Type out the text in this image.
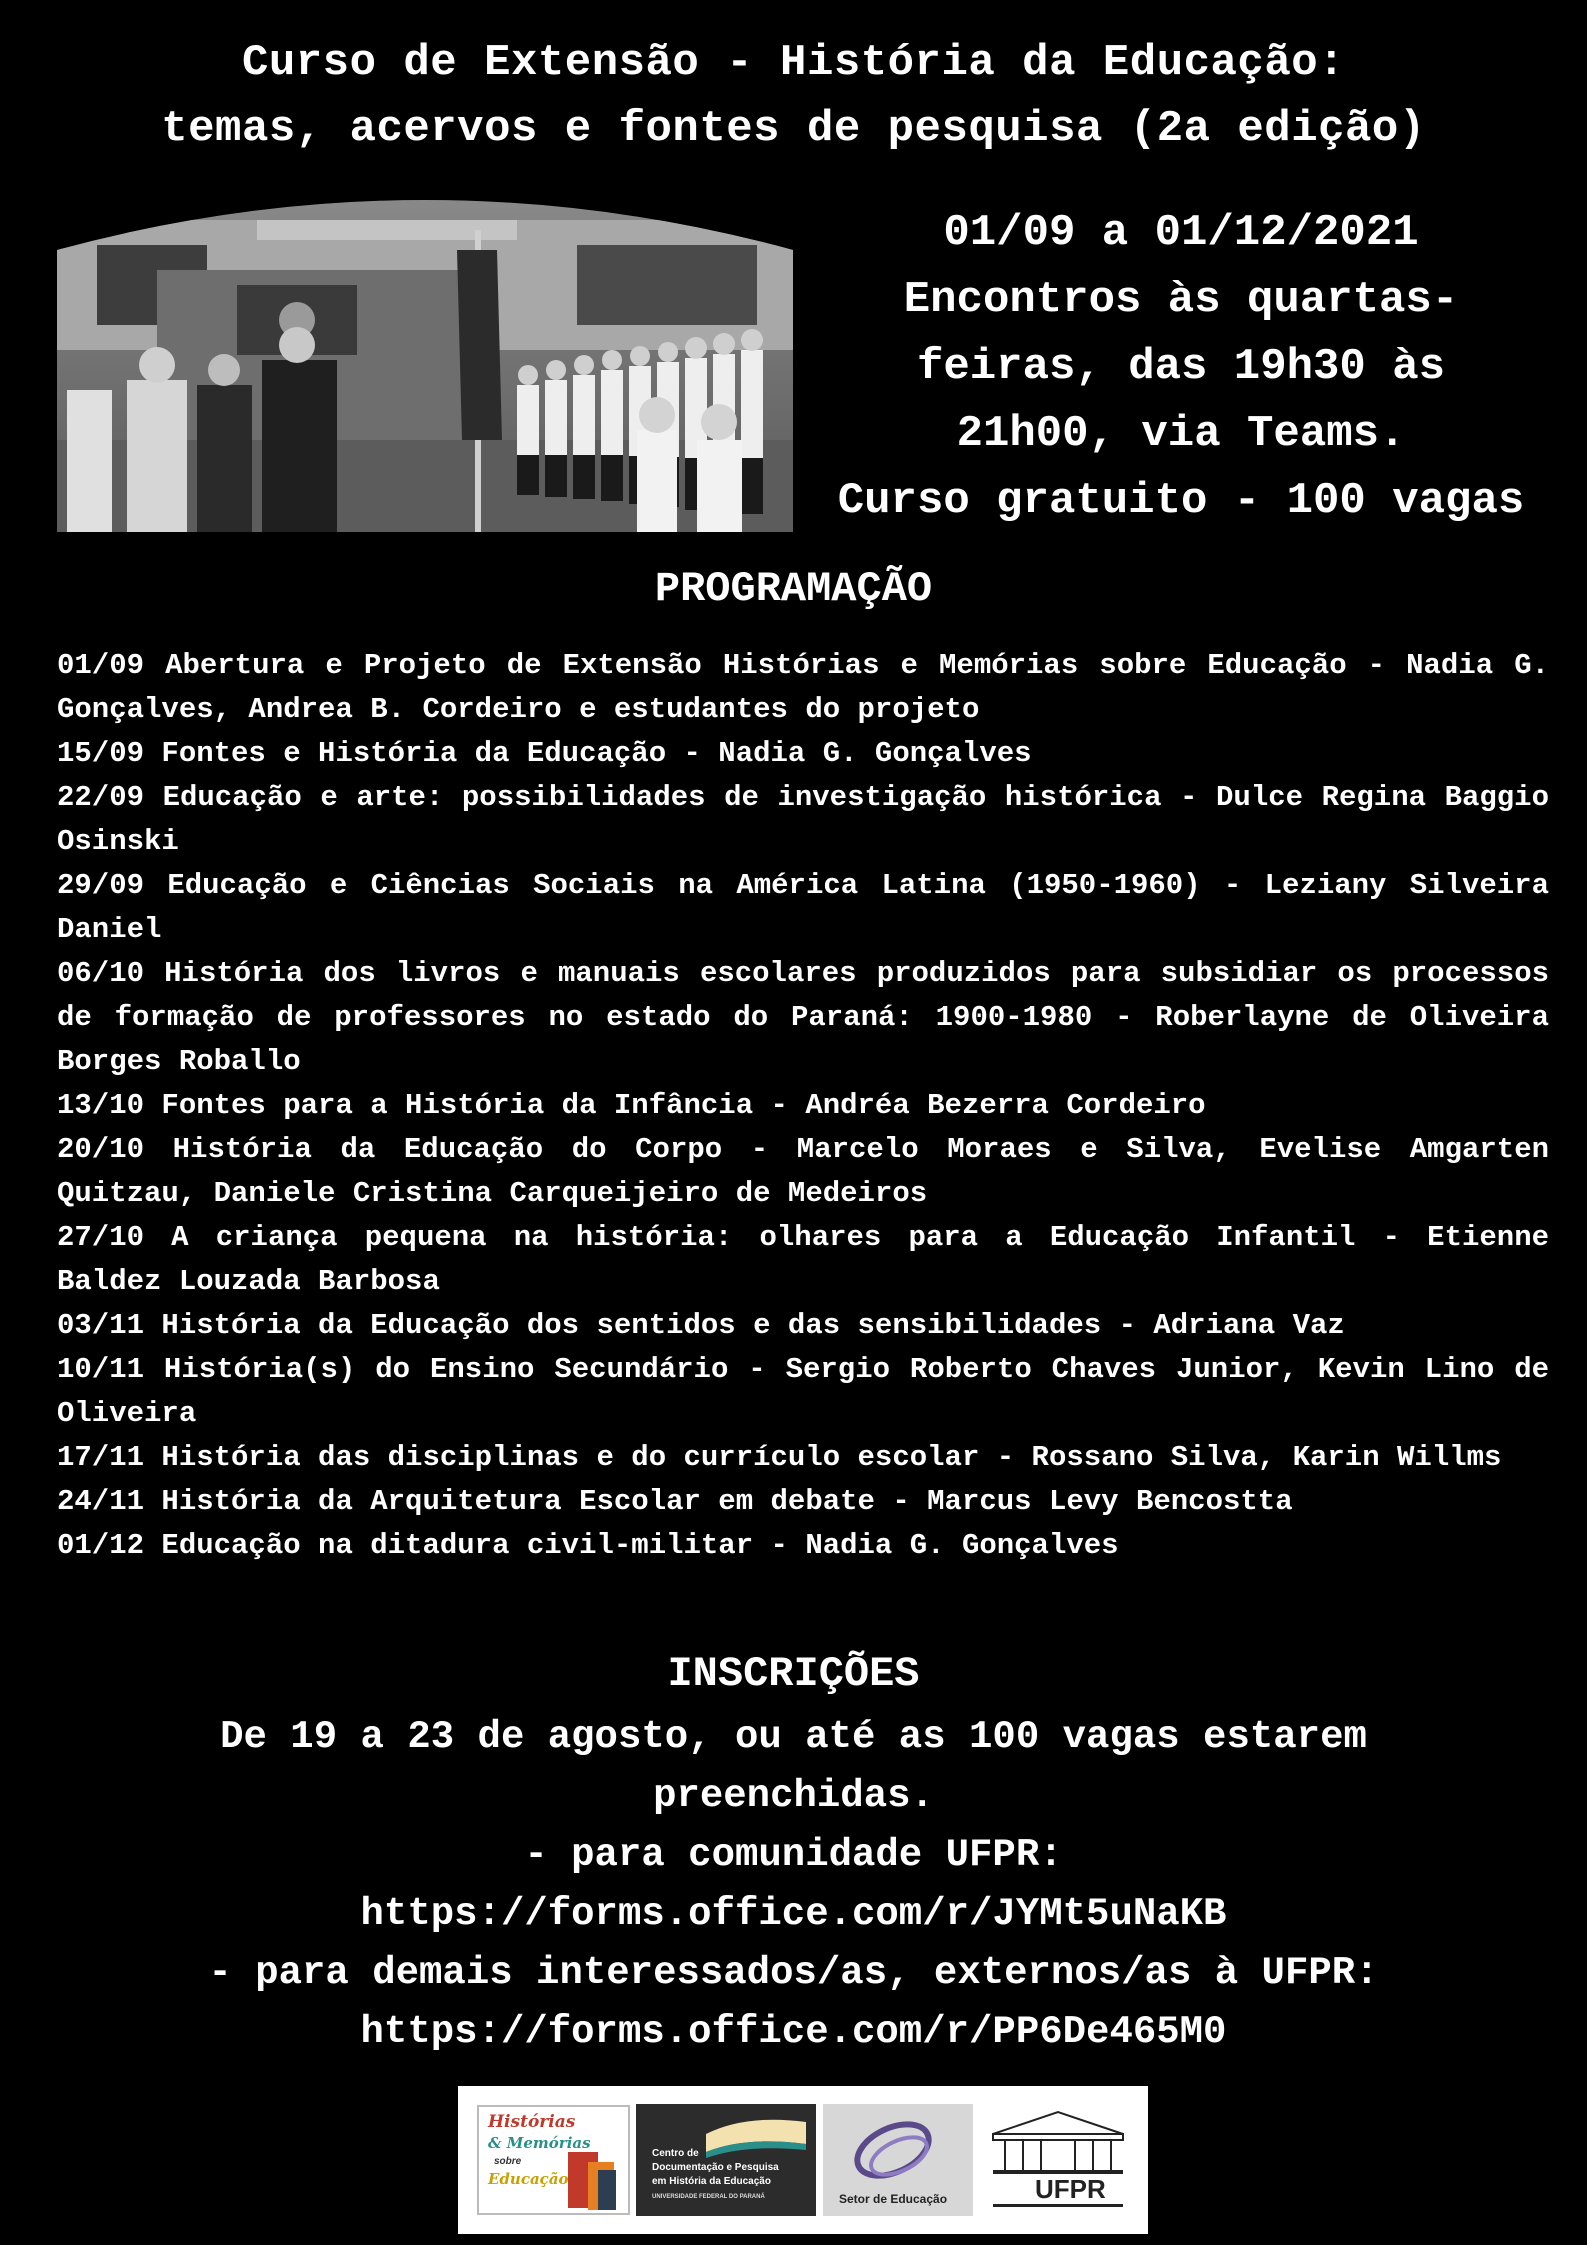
Curso de Extensão - História da Educação:
temas, acervos e fontes de pesquisa (2a edição)
01/09 a 01/12/2021
Encontros às quartas-
feiras, das 19h30 às
21h00, via Teams.
Curso gratuito - 100 vagas
PROGRAMAÇÃO

01/09 Abertura e Projeto de Extensão Histórias e Memórias sobre Educação - Nadia G. Gonçalves, Andrea B. Cordeiro e estudantes do projeto

15/09 Fontes e História da Educação - Nadia G. Gonçalves

22/09 Educação e arte: possibilidades de investigação histórica - Dulce Regina Baggio Osinski

29/09 Educação e Ciências Sociais na América Latina (1950-1960) - Leziany Silveira Daniel

06/10 História dos livros e manuais escolares produzidos para subsidiar os processos de formação de professores no estado do Paraná: 1900-1980 - Roberlayne de Oliveira Borges Roballo

13/10 Fontes para a História da Infância - Andréa Bezerra Cordeiro

20/10 História da Educação do Corpo - Marcelo Moraes e Silva, Evelise Amgarten Quitzau, Daniele Cristina Carqueijeiro de Medeiros

27/10 A criança pequena na história: olhares para a Educação Infantil - Etienne Baldez Louzada Barbosa

03/11 História da Educação dos sentidos e das sensibilidades - Adriana Vaz

10/11 História(s) do Ensino Secundário - Sergio Roberto Chaves Junior, Kevin Lino de Oliveira

17/11 História das disciplinas e do currículo escolar - Rossano Silva, Karin Willms

24/11 História da Arquitetura Escolar em debate - Marcus Levy Bencostta

01/12 Educação na ditadura civil-militar - Nadia G. Gonçalves

INSCRIÇÕES
De 19 a 23 de agosto, ou até as 100 vagas estarem
preenchidas.
- para comunidade UFPR:
https://forms.office.com/r/JYMt5uNaKB
- para demais interessados/as, externos/as à UFPR:
https://forms.office.com/r/PP6De465M0
Histórias
& Memórias
sobre
Educação
Centro de
Documentação e Pesquisa
em História da Educação
UNIVERSIDADE FEDERAL DO PARANÁ	Setor de Educação	UFPR
